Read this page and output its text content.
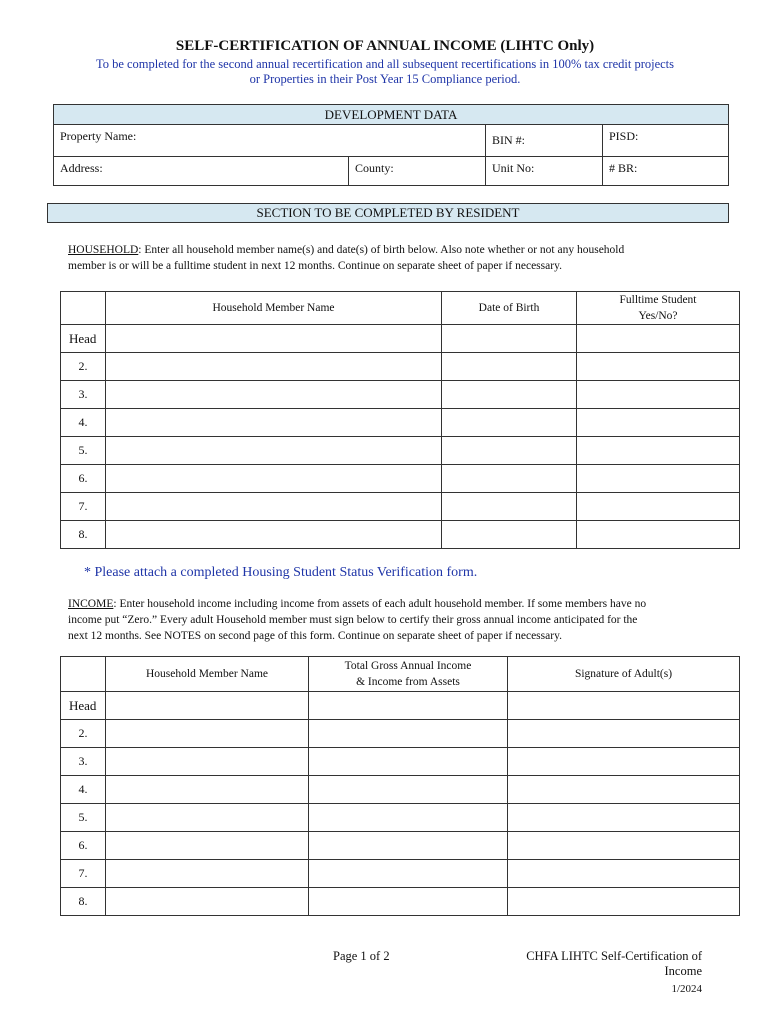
SELF-CERTIFICATION OF ANNUAL INCOME (LIHTC Only)
To be completed for the second annual recertification and all subsequent recertifications in 100% tax credit projects
or Properties in their Post Year 15 Compliance period.
DEVELOPMENT DATA
Property Name:	BIN #:	PISD:
Address:	County:	Unit No:	# BR:
SECTION TO BE COMPLETED BY RESIDENT
HOUSEHOLD: Enter all household member name(s) and date(s) of birth below. Also note whether or not any household
member is or will be a fulltime student in next 12 months. Continue on separate sheet of paper if necessary.
	Household Member Name	Date of Birth	Fulltime Student
Yes/No?

Head			
2.			
3.			
4.			
5.			
6.			
7.			
8.			
* Please attach a completed Housing Student Status Verification form.
INCOME: Enter household income including income from assets of each adult household member. If some members have no
income put “Zero.” Every adult Household member must sign below to certify their gross annual income anticipated for the
next 12 months. See NOTES on second page of this form. Continue on separate sheet of paper if necessary.
	Household Member Name	Total Gross Annual Income
& Income from Assets	Signature of Adult(s)
Head			
2.			
3.			
4.			
5.			
6.			
7.			
8.			
Page 1 of 2	CHFA LIHTC Self-Certification of
Income
1/2024
